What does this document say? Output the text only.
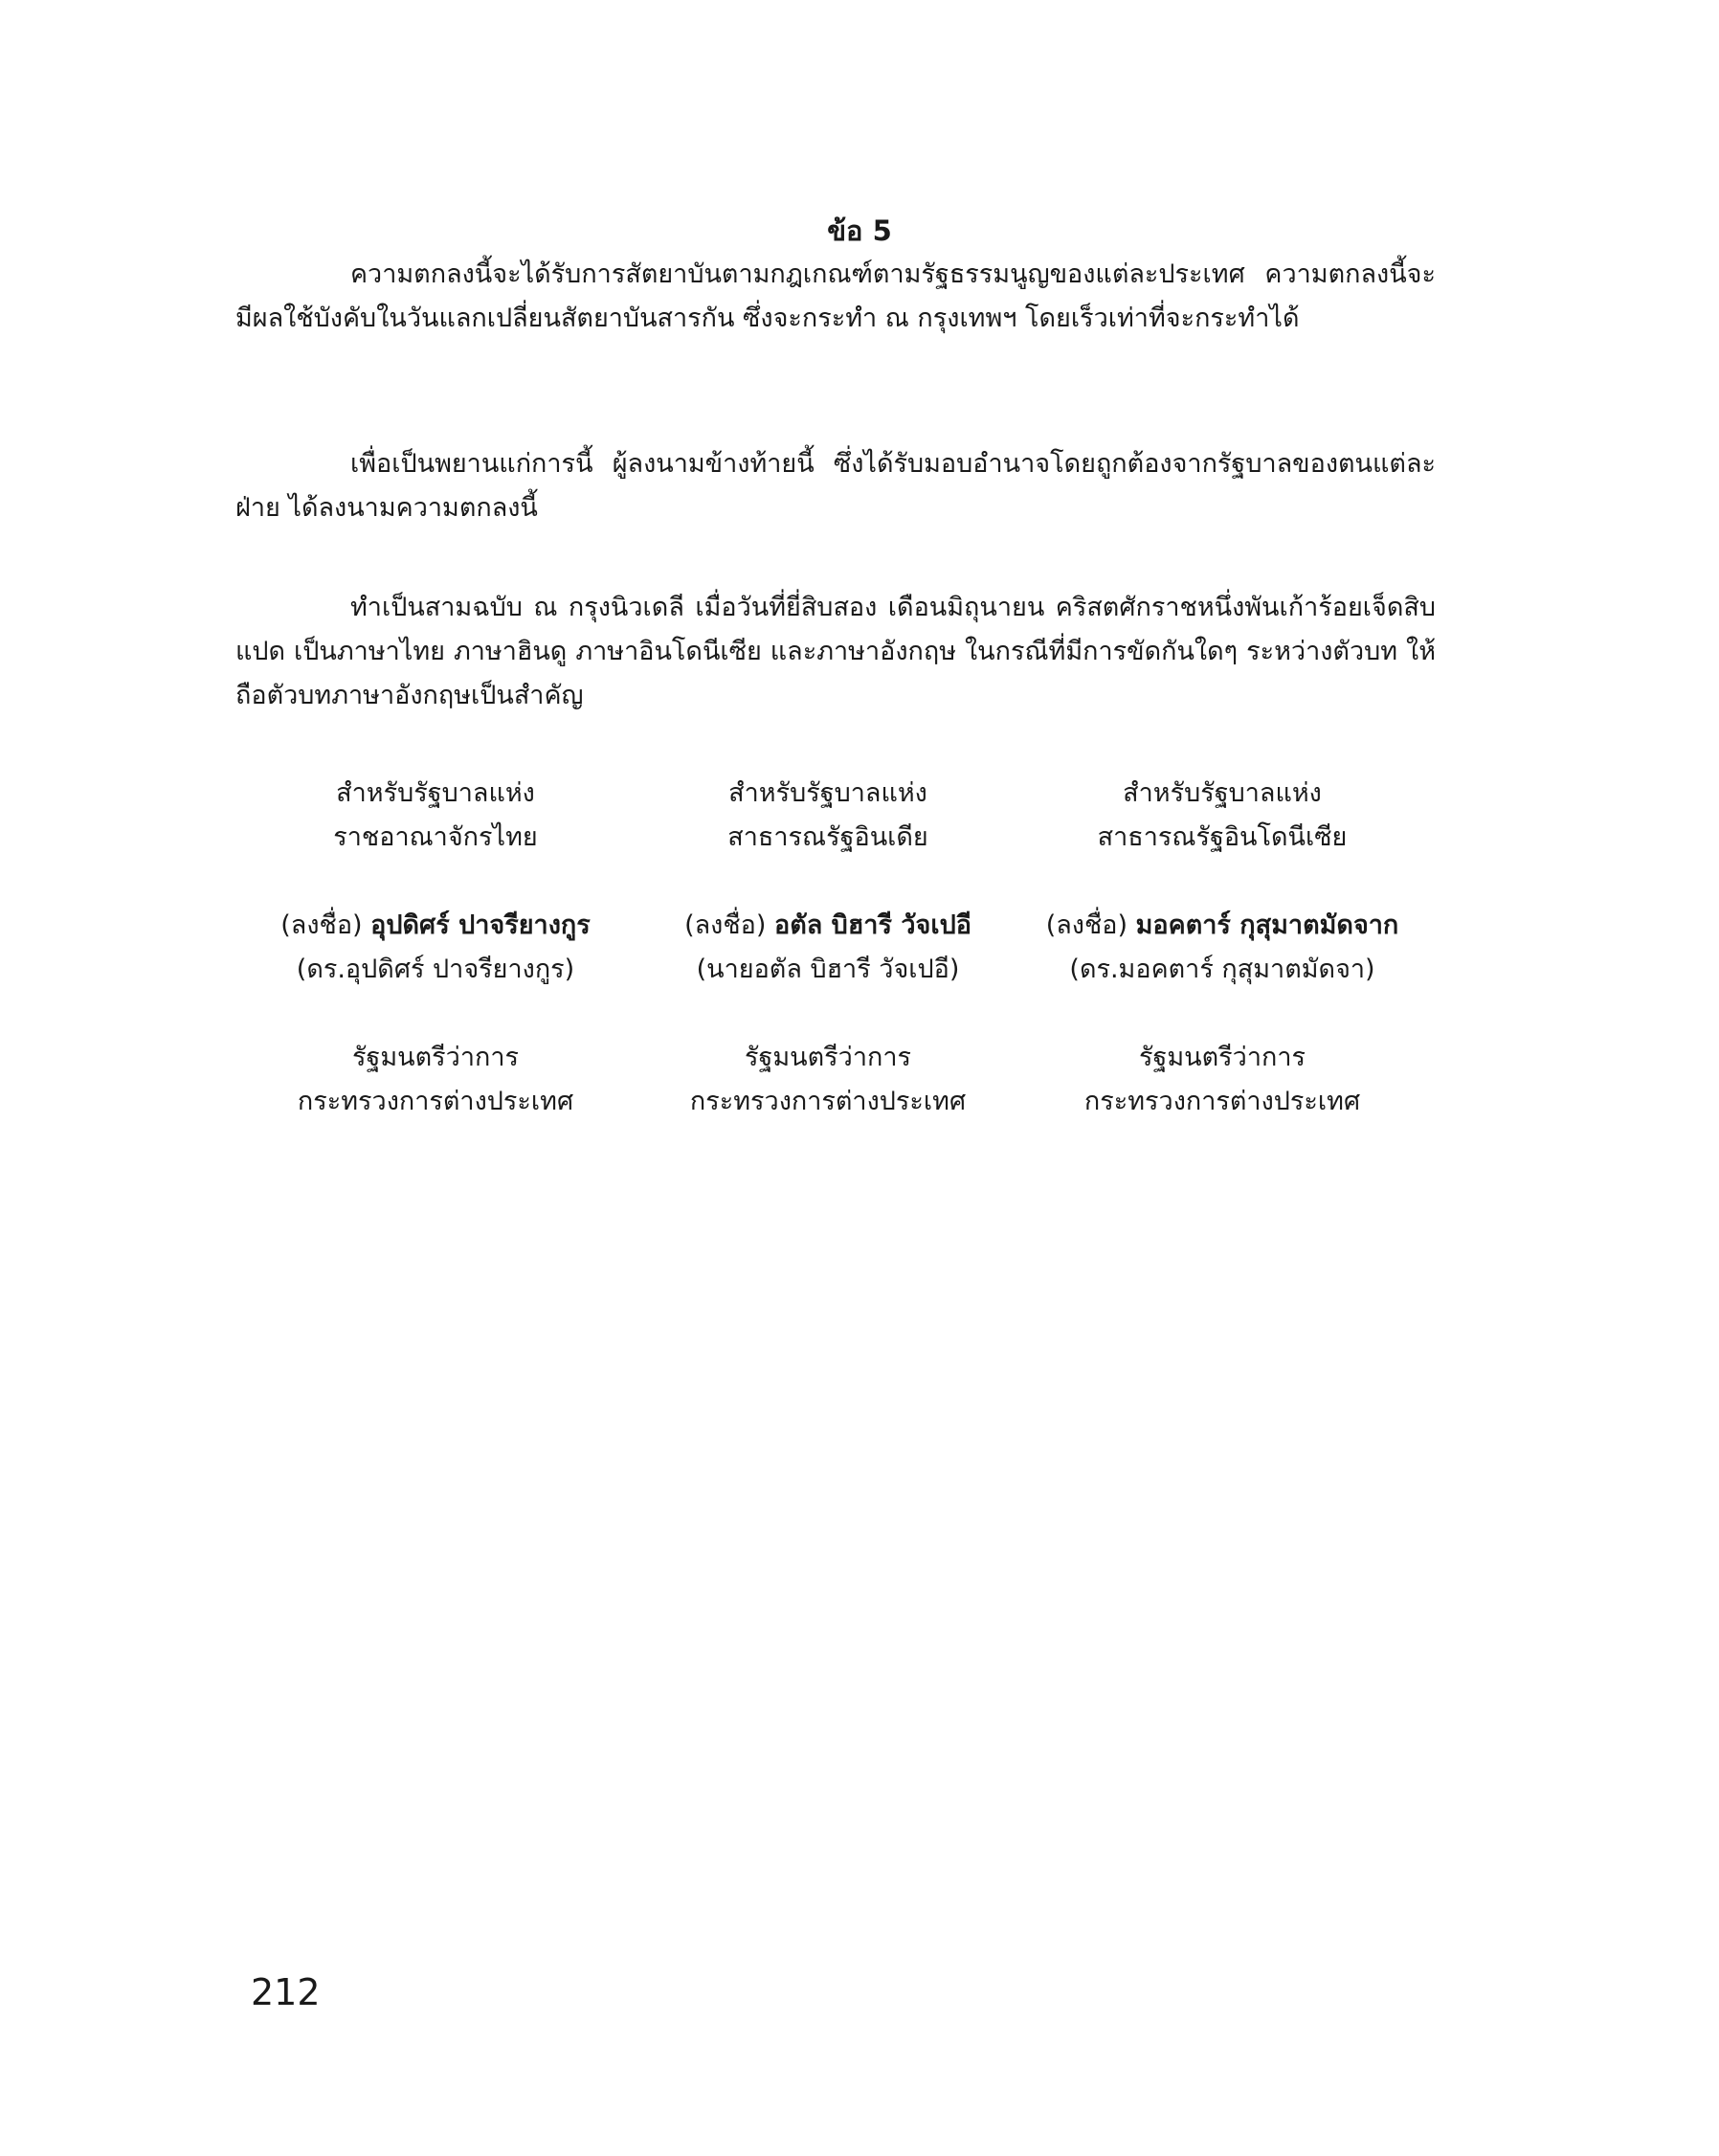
ข้อ 5

ความตกลงนี้จะได้รับการสัตยาบันตามกฎเกณฑ์ตามรัฐธรรมนูญของแต่ละประเทศ ความตกลงนี้จะมีผลใช้บังคับในวันแลกเปลี่ยนสัตยาบันสารกัน ซึ่งจะกระทำ ณ กรุงเทพฯ โดยเร็วเท่าที่จะกระทำได้

เพื่อเป็นพยานแก่การนี้ ผู้ลงนามข้างท้ายนี้ ซึ่งได้รับมอบอำนาจโดยถูกต้องจากรัฐบาลของตนแต่ละฝ่าย ได้ลงนามความตกลงนี้

ทำเป็นสามฉบับ ณ กรุงนิวเดลี เมื่อวันที่ยี่สิบสอง เดือนมิถุนายน คริสตศักราชหนึ่งพันเก้าร้อยเจ็ดสิบแปด เป็นภาษาไทย ภาษาฮินดู ภาษาอินโดนีเซีย และภาษาอังกฤษ ในกรณีที่มีการขัดกันใดๆ ระหว่างตัวบท ให้ถือตัวบทภาษาอังกฤษเป็นสำคัญ

สำหรับรัฐบาลแห่ง
ราชอาณาจักรไทย
(ลงชื่อ) อุปดิศร์ ปาจรียางกูร
(ดร.อุปดิศร์ ปาจรียางกูร)
รัฐมนตรีว่าการ
กระทรวงการต่างประเทศ
สำหรับรัฐบาลแห่ง
สาธารณรัฐอินเดีย
(ลงชื่อ) อตัล บิฮารี วัจเปอี
(นายอตัล บิฮารี วัจเปอี)
รัฐมนตรีว่าการ
กระทรวงการต่างประเทศ
สำหรับรัฐบาลแห่ง
สาธารณรัฐอินโดนีเซีย
(ลงชื่อ) มอคตาร์ กุสุมาตมัดจาก
(ดร.มอคตาร์ กุสุมาตมัดจา)
รัฐมนตรีว่าการ
กระทรวงการต่างประเทศ
212
